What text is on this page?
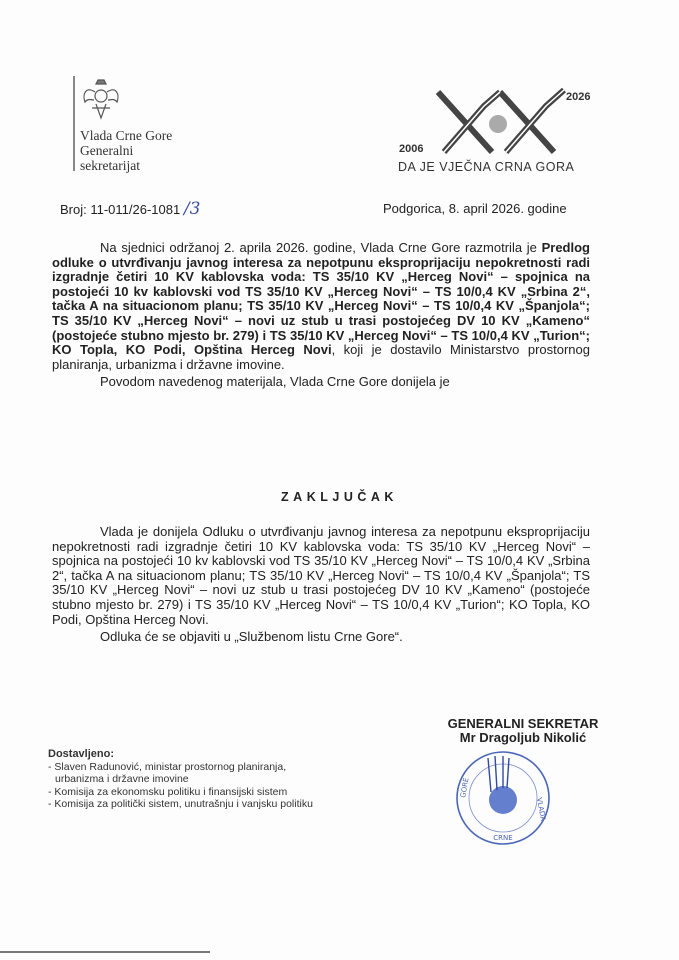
Vlada Crne Gore
Generalni
sekretarijat
Broj: 11-011/26-1081 /3
2026
2006
DA JE VJEČNA CRNA GORA
Podgorica, 8. april 2026. godine

Na sjednici održanoj 2. aprila 2026. godine, Vlada Crne Gore razmotrila je Predlog odluke o utvrđivanju javnog interesa za nepotpunu eksproprijaciju nepokretnosti radi izgradnje četiri 10 KV kablovska voda: TS 35/10 KV „Herceg Novi“ – spojnica na postojeći 10 kv kablovski vod TS 35/10 KV „Herceg Novi“ – TS 10/0,4 KV „Srbina 2“, tačka A na situacionom planu; TS 35/10 KV „Herceg Novi“ – TS 10/0,4 KV „Španjola“; TS 35/10 KV „Herceg Novi“ – novi uz stub u trasi postojećeg DV 10 KV „Kameno“ (postojeće stubno mjesto br. 279) i TS 35/10 KV „Herceg Novi“ – TS 10/0,4 KV „Turion“; KO Topla, KO Podi, Opština Herceg Novi, koji je dostavilo Ministarstvo prostornog planiranja, urbanizma i državne imovine.

Povodom navedenog materijala, Vlada Crne Gore donijela je

ZAKLJUČAK

Vlada je donijela Odluku o utvrđivanju javnog interesa za nepotpunu eksproprijaciju nepokretnosti radi izgradnje četiri 10 KV kablovska voda: TS 35/10 KV „Herceg Novi“ – spojnica na postojeći 10 kv kablovski vod TS 35/10 KV „Herceg Novi“ – TS 10/0,4 KV „Srbina 2“, tačka A na situacionom planu; TS 35/10 KV „Herceg Novi“ – TS 10/0,4 KV „Španjola“; TS 35/10 KV „Herceg Novi“ – novi uz stub u trasi postojećeg DV 10 KV „Kameno“ (postojeće stubno mjesto br. 279) i TS 35/10 KV „Herceg Novi“ – TS 10/0,4 KV „Turion“; KO Topla, KO Podi, Opština Herceg Novi.

Odluka će se objaviti u „Službenom listu Crne Gore“.

GENERALNI SEKRETAR
Mr Dragoljub Nikolić
CRNE
VLADA
GORE
Dostavljeno:
- Slaven Radunović, ministar prostornog planiranja,
urbanizma i državne imovine
- Komisija za ekonomsku politiku i finansijski sistem
- Komisija za politički sistem, unutrašnju i vanjsku politiku
